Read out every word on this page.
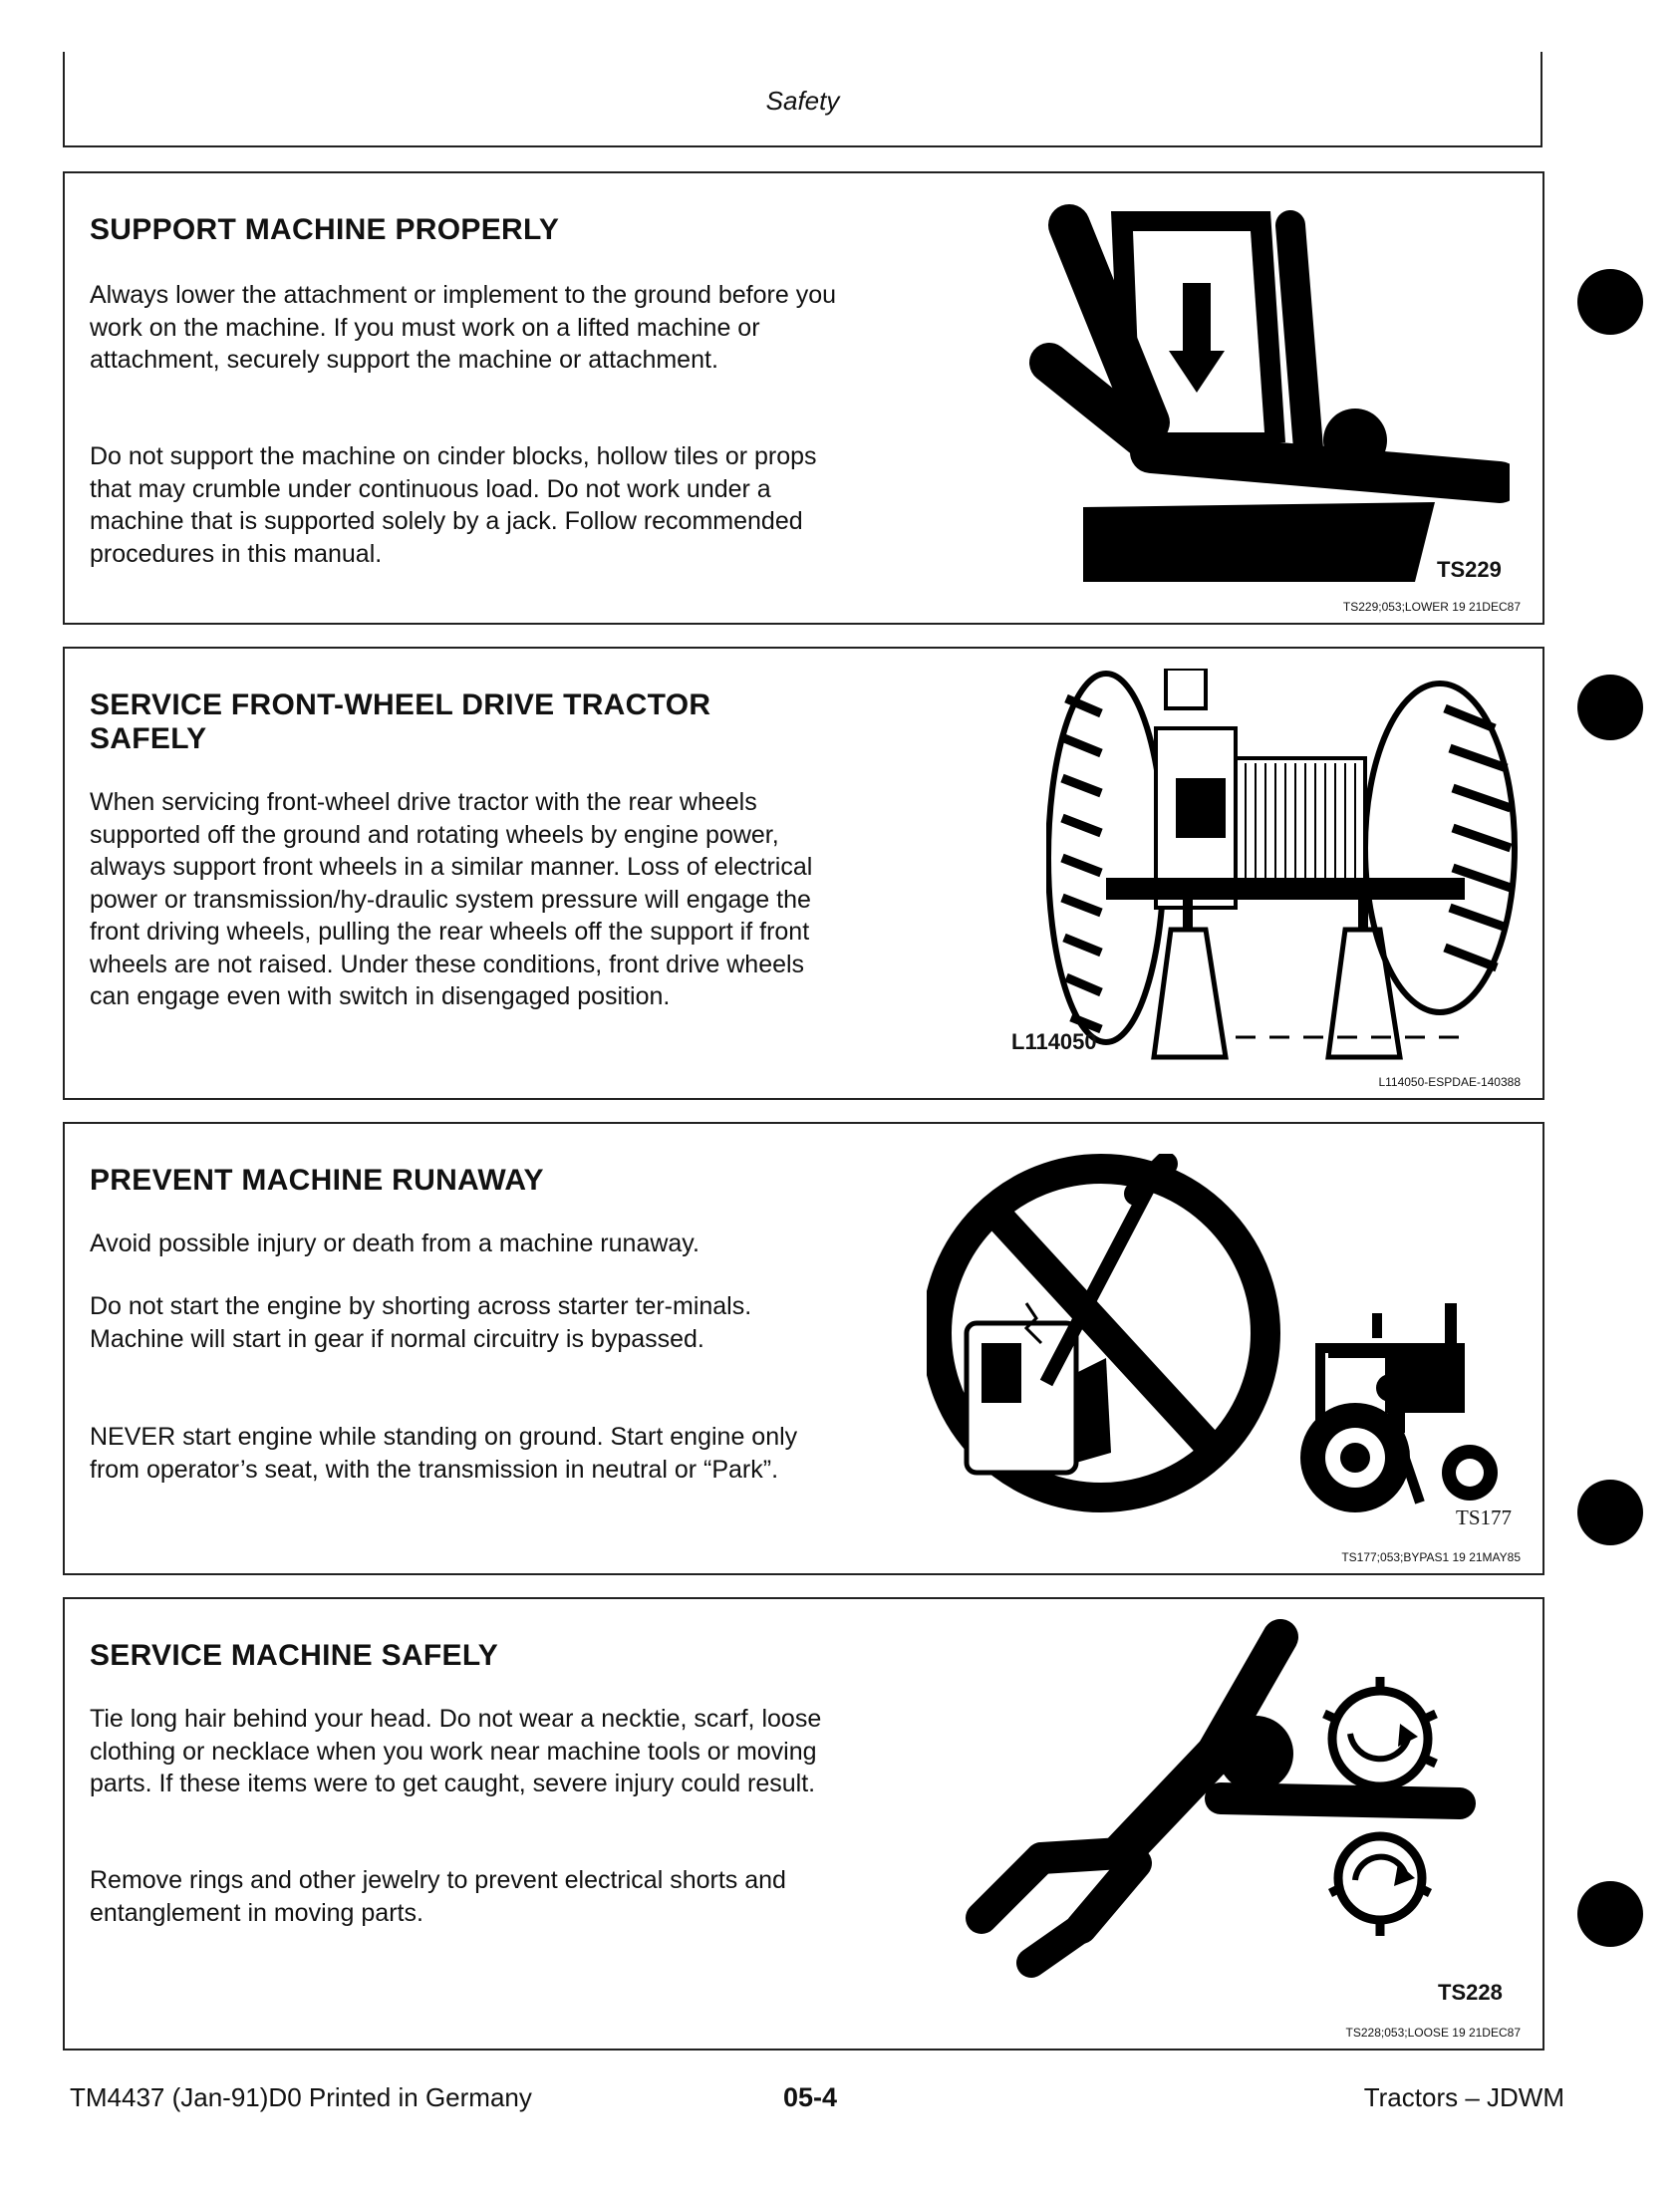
Safety
SUPPORT MACHINE PROPERLY

Always lower the attachment or implement to the ground before you work on the machine. If you must work on a lifted machine or attachment, securely support the machine or attachment.

Do not support the machine on cinder blocks, hollow tiles or props that may crumble under continuous load. Do not work under a machine that is supported solely by a jack. Follow recommended procedures in this manual.

TS229
TS229;053;LOWER 19 21DEC87
SERVICE FRONT-WHEEL DRIVE TRACTOR SAFELY

When servicing front-wheel drive tractor with the rear wheels supported off the ground and rotating wheels by engine power, always support front wheels in a similar manner. Loss of electrical power or transmission/hy-draulic system pressure will engage the front driving wheels, pulling the rear wheels off the support if front wheels are not raised. Under these conditions, front drive wheels can engage even with switch in disengaged position.

L114050
L114050-ESPDAE-140388
PREVENT MACHINE RUNAWAY

Avoid possible injury or death from a machine runaway.

Do not start the engine by shorting across starter ter-minals. Machine will start in gear if normal circuitry is bypassed.

NEVER start engine while standing on ground. Start engine only from operator’s seat, with the transmission in neutral or “Park”.

TS177
TS177;053;BYPAS1 19 21MAY85
SERVICE MACHINE SAFELY

Tie long hair behind your head. Do not wear a necktie, scarf, loose clothing or necklace when you work near machine tools or moving parts. If these items were to get caught, severe injury could result.

Remove rings and other jewelry to prevent electrical shorts and entanglement in moving parts.

TS228
TS228;053;LOOSE 19 21DEC87
TM4437 (Jan-91)D0 Printed in Germany	05-4	Tractors – JDWM
